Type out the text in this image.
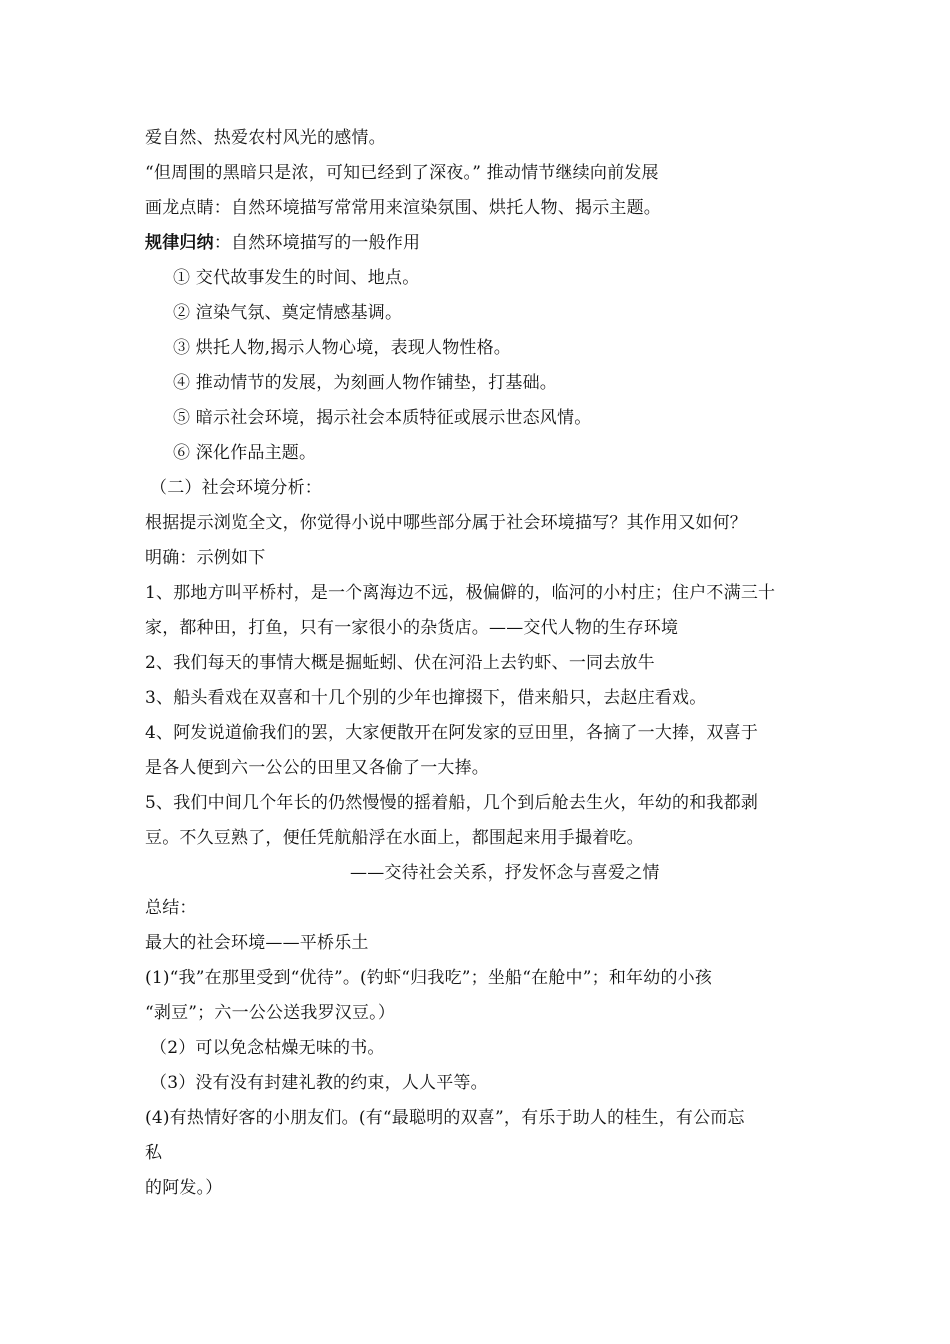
爱自然、热爱农村风光的感情。
“但周围的黑暗只是浓，可知已经到了深夜。” 推动情节继续向前发展
画龙点睛：自然环境描写常常用来渲染氛围、烘托人物、揭示主题。
规律归纳：自然环境描写的一般作用
① 交代故事发生的时间、地点。
② 渲染气氛、奠定情感基调。
③ 烘托人物,揭示人物心境，表现人物性格。
④ 推动情节的发展，为刻画人物作铺垫，打基础。
⑤ 暗示社会环境，揭示社会本质特征或展示世态风情。
⑥ 深化作品主题。
（二）社会环境分析：
根据提示浏览全文，你觉得小说中哪些部分属于社会环境描写？其作用又如何？
明确：示例如下
1、那地方叫平桥村，是一个离海边不远，极偏僻的，临河的小村庄；住户不满三十
家，都种田，打鱼，只有一家很小的杂货店。——交代人物的生存环境
2、我们每天的事情大概是掘蚯蚓、伏在河沿上去钓虾、一同去放牛
3、船头看戏在双喜和十几个别的少年也撺掇下，借来船只，去赵庄看戏。
4、阿发说道偷我们的罢，大家便散开在阿发家的豆田里，各摘了一大捧，双喜于
是各人便到六一公公的田里又各偷了一大捧。
5、我们中间几个年长的仍然慢慢的摇着船，几个到后舱去生火，年幼的和我都剥
豆。不久豆熟了，便任凭航船浮在水面上，都围起来用手撮着吃。
——交待社会关系，抒发怀念与喜爱之情
总结：
最大的社会环境——平桥乐土
(1)“我”在那里受到“优待”。(钓虾“归我吃”；坐船“在舱中”；和年幼的小孩
“剥豆”；六一公公送我罗汉豆。）
（2）可以免念枯燥无味的书。
（3）没有没有封建礼教的约束，人人平等。
(4)有热情好客的小朋友们。(有“最聪明的双喜”，有乐于助人的桂生，有公而忘
私
的阿发。）
